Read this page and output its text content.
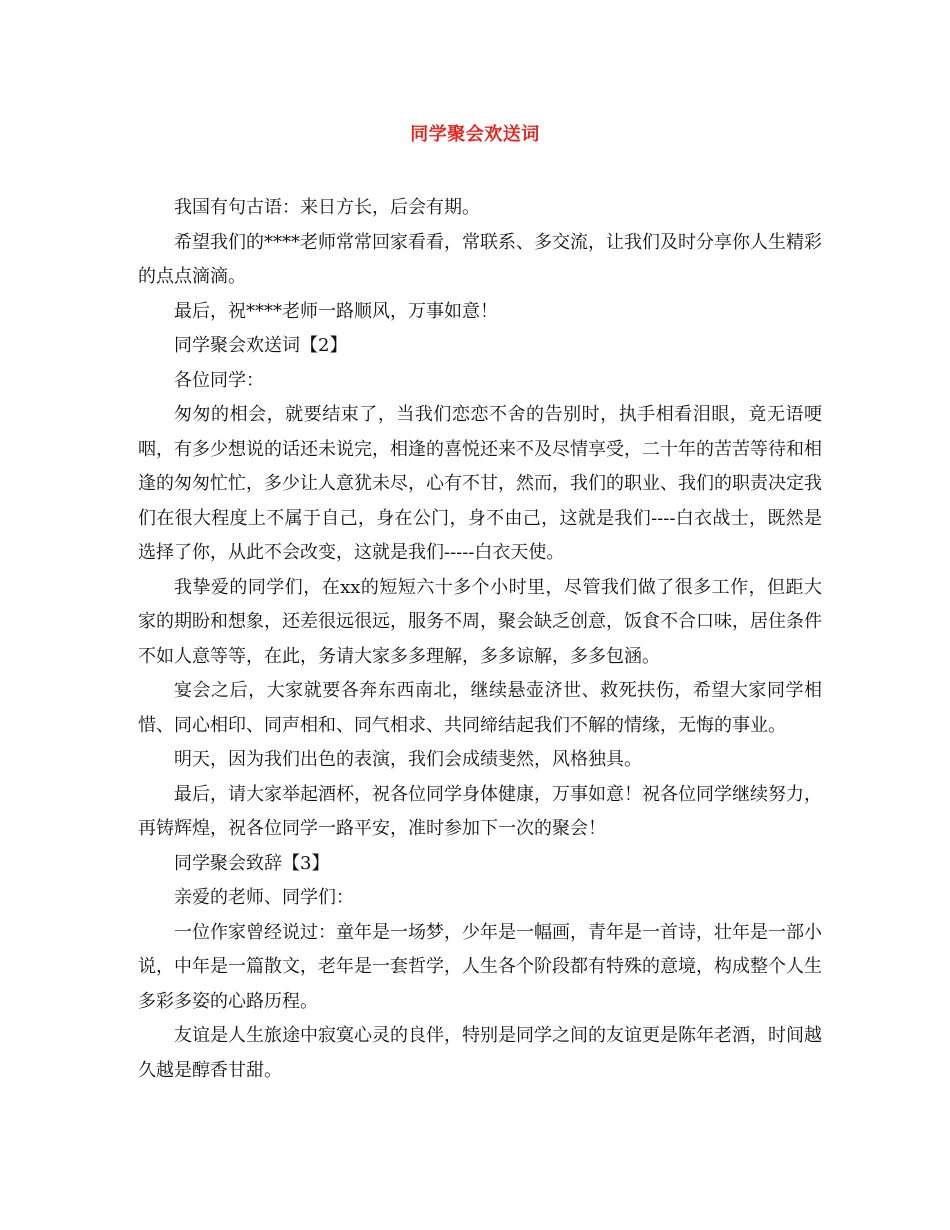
同学聚会欢送词

我国有句古语：来日方长，后会有期。

希望我们的****老师常常回家看看，常联系、多交流，让我们及时分享你人生精彩的点点滴滴。

最后，祝****老师一路顺风，万事如意！

同学聚会欢送词【2】

各位同学：

匆匆的相会，就要结束了，当我们恋恋不舍的告别时，执手相看泪眼，竟无语哽咽，有多少想说的话还未说完，相逢的喜悦还来不及尽情享受，二十年的苦苦等待和相逢的匆匆忙忙，多少让人意犹未尽，心有不甘，然而，我们的职业、我们的职责决定我们在很大程度上不属于自己，身在公门，身不由己，这就是我们----白衣战士，既然是选择了你，从此不会改变，这就是我们-----白衣天使。

我挚爱的同学们，在xx的短短六十多个小时里，尽管我们做了很多工作，但距大家的期盼和想象，还差很远很远，服务不周，聚会缺乏创意，饭食不合口味，居住条件不如人意等等，在此，务请大家多多理解，多多谅解，多多包涵。

宴会之后，大家就要各奔东西南北，继续悬壶济世、救死扶伤，希望大家同学相惜、同心相印、同声相和、同气相求、共同缔结起我们不解的情缘，无悔的事业。

明天，因为我们出色的表演，我们会成绩斐然，风格独具。

最后，请大家举起酒杯，祝各位同学身体健康，万事如意！祝各位同学继续努力，再铸辉煌，祝各位同学一路平安，准时参加下一次的聚会！

同学聚会致辞【3】

亲爱的老师、同学们：

一位作家曾经说过：童年是一场梦，少年是一幅画，青年是一首诗，壮年是一部小说，中年是一篇散文，老年是一套哲学，人生各个阶段都有特殊的意境，构成整个人生多彩多姿的心路历程。

友谊是人生旅途中寂寞心灵的良伴，特别是同学之间的友谊更是陈年老酒，时间越久越是醇香甘甜。
